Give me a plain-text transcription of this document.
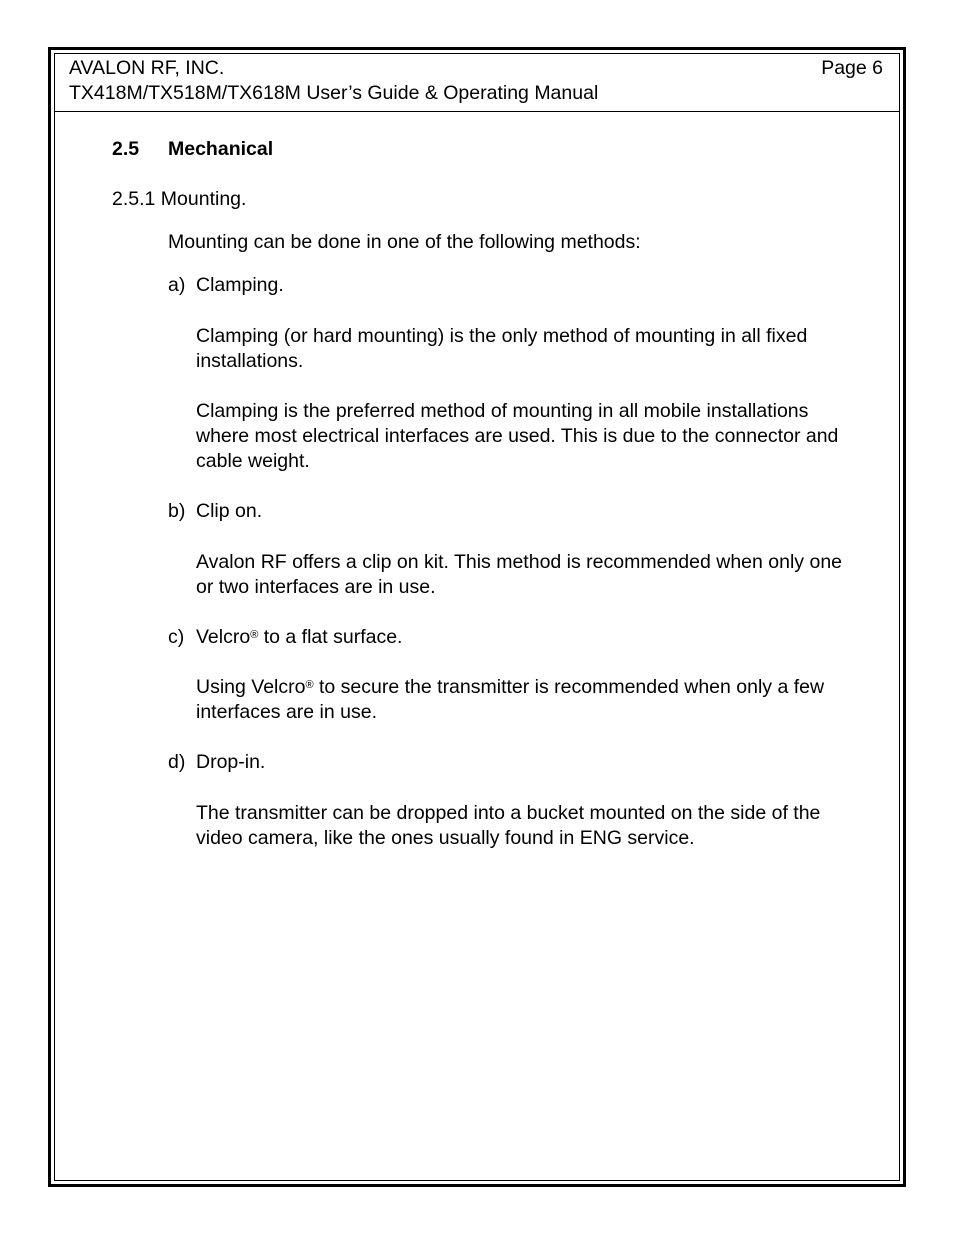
AVALON RF, INC.	Page 6
TX418M/TX518M/TX618M User’s Guide & Operating Manual
2.5 Mechanical
2.5.1 Mounting.
Mounting can be done in one of the following methods:
a) Clamping.
Clamping (or hard mounting) is the only method of mounting in all fixed installations.
Clamping is the preferred method of mounting in all mobile installations where most electrical interfaces are used. This is due to the connector and cable weight.
b) Clip on.
Avalon RF offers a clip on kit. This method is recommended when only one or two interfaces are in use.
c) Velcro® to a flat surface.
Using Velcro® to secure the transmitter is recommended when only a few interfaces are in use.
d) Drop-in.
The transmitter can be dropped into a bucket mounted on the side of the video camera, like the ones usually found in ENG service.
